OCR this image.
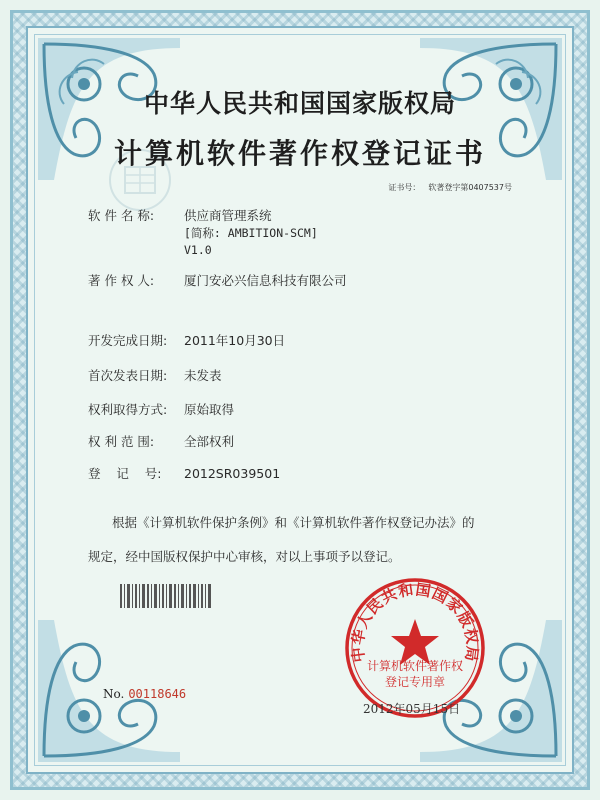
中华人民共和国国家版权局
计算机软件著作权登记证书
证书号： 软著登字第0407537号
软 件 名 称: 供应商管理系统
[简称: AMBITION-SCM]
V1.0
著 作 权 人: 厦门安必兴信息科技有限公司
开发完成日期: 2011年10月30日
首次发表日期: 未发表
权利取得方式: 原始取得
权 利 范 围: 全部权利
登    记    号: 2012SR039501
根据《计算机软件保护条例》和《计算机软件著作权登记办法》的
规定，经中国版权保护中心审核，对以上事项予以登记。
No. 00118646
中华人民共和国国家版权局
计算机软件著作权
登记专用章
2012年05月15日
